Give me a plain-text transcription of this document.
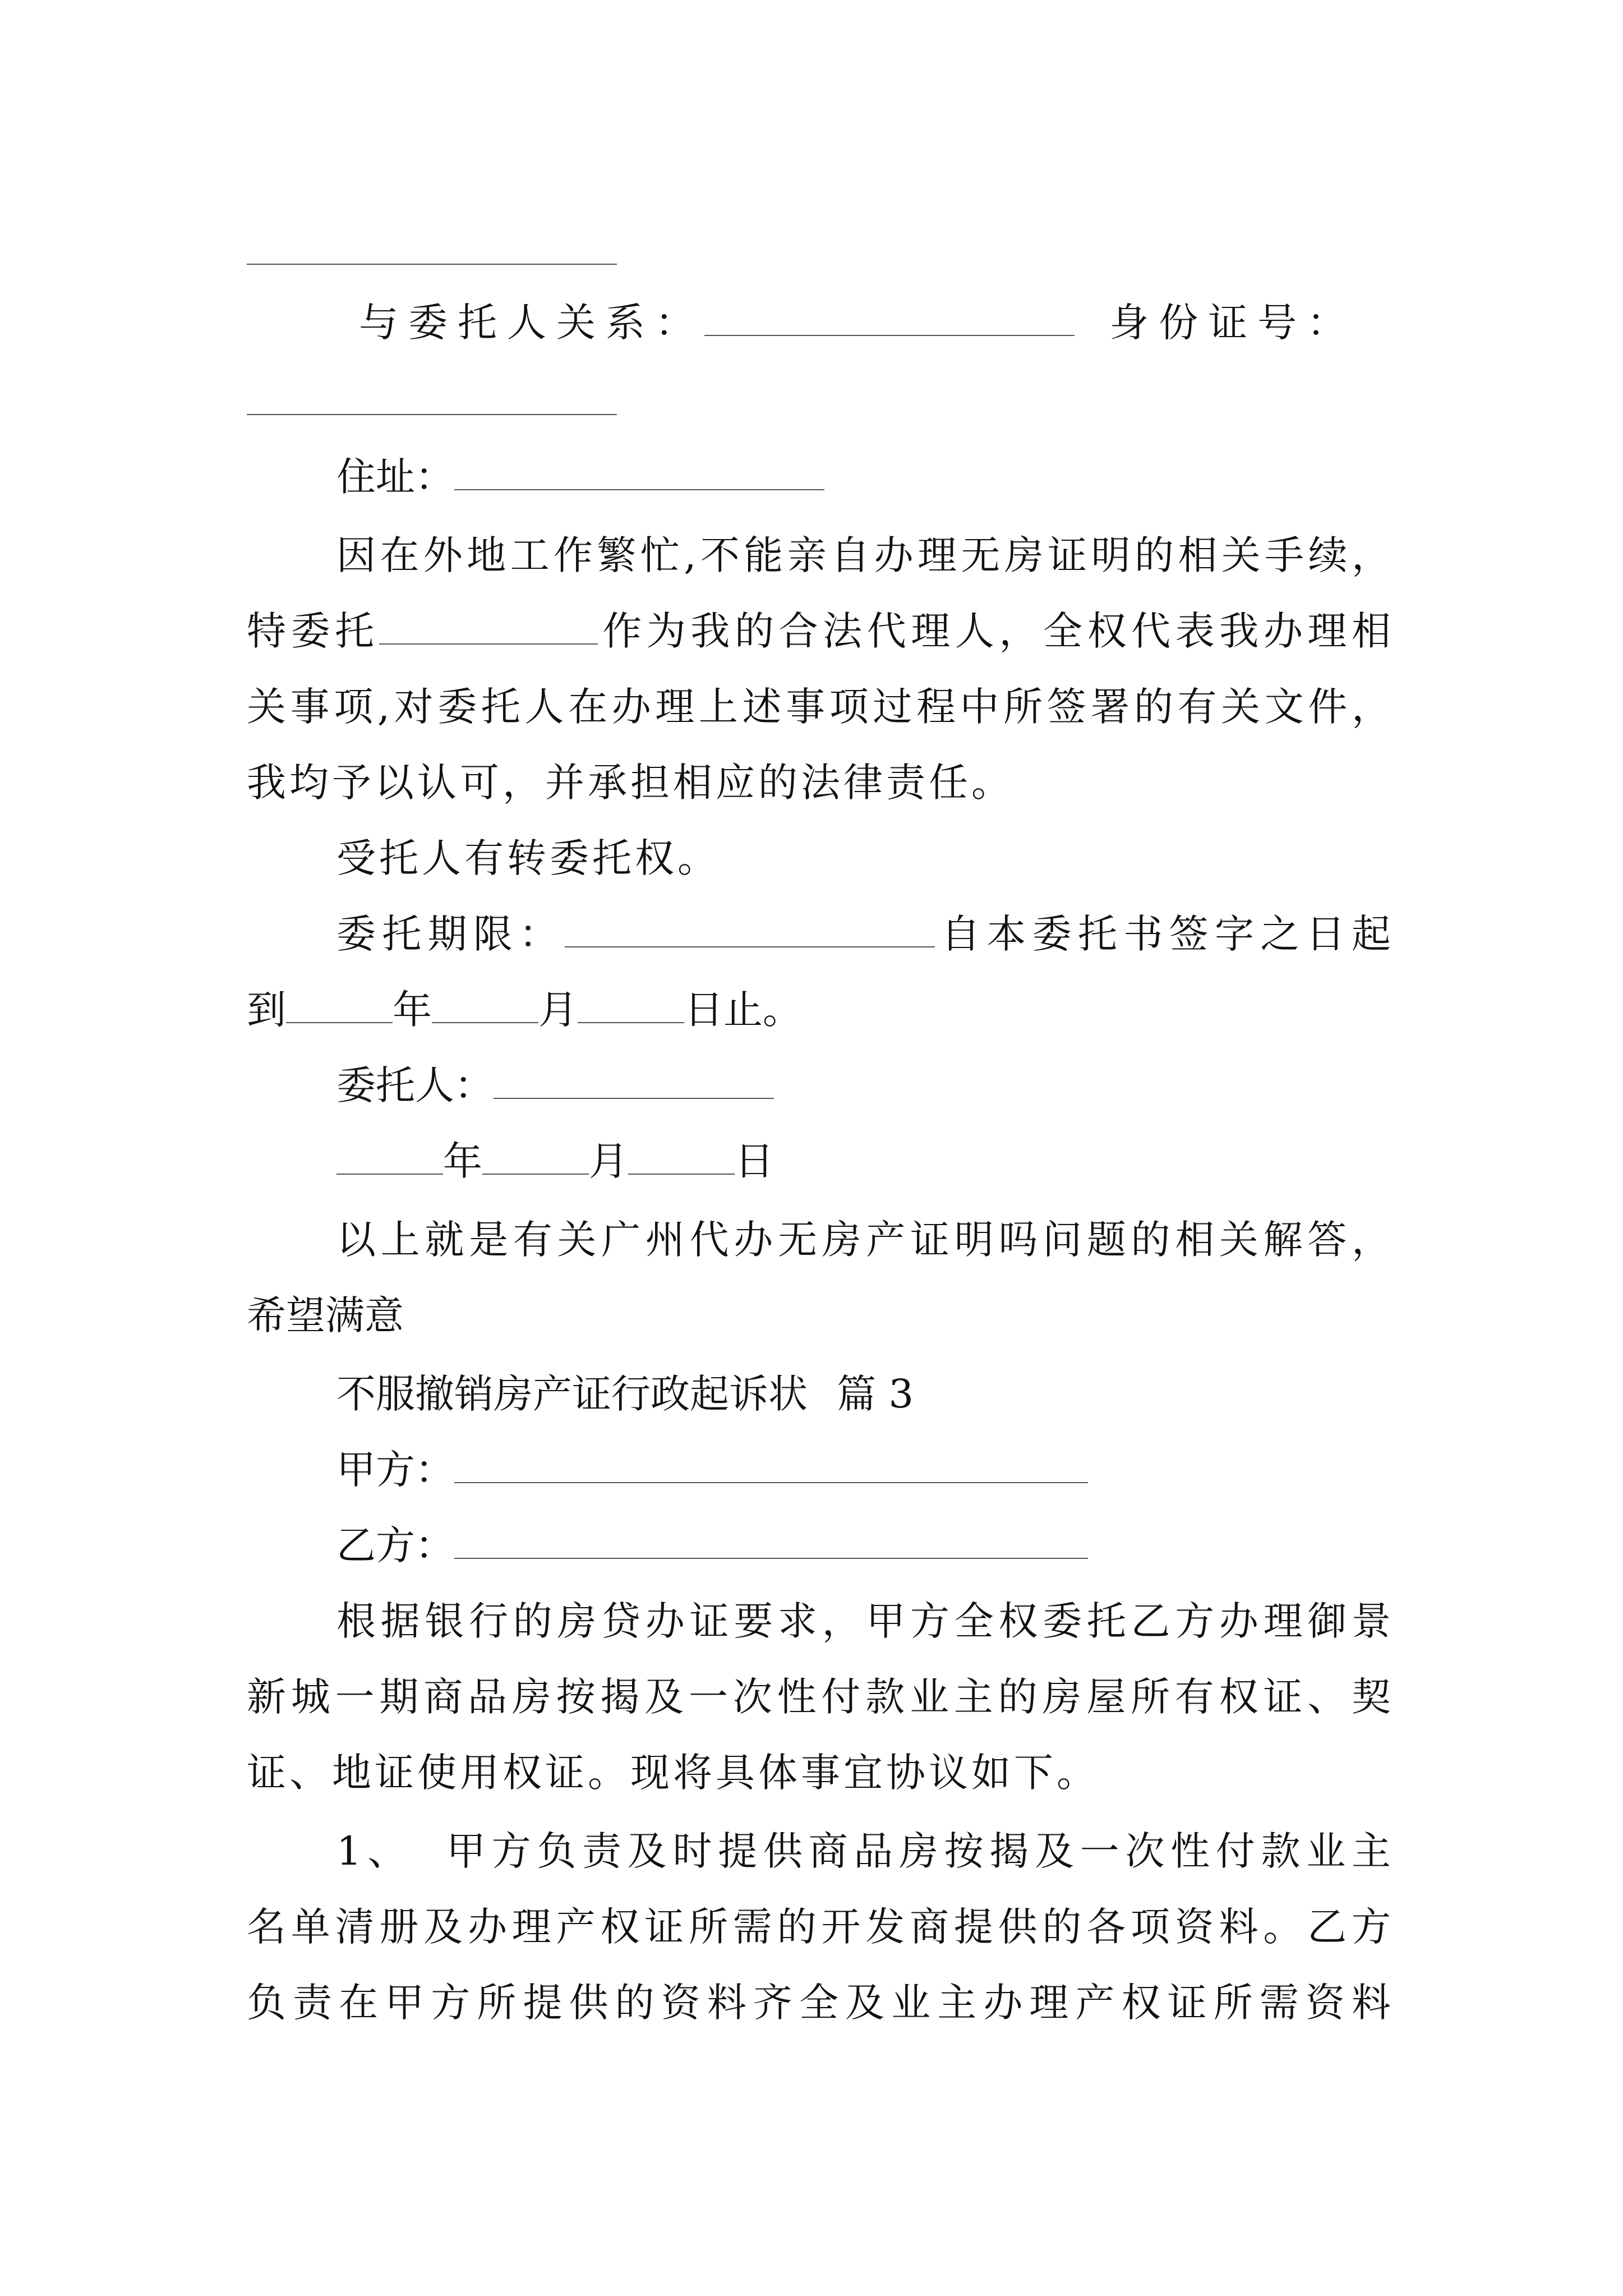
与委托人关系：	身份证号：
住址：
因在外地工作繁忙,不能亲自办理无房证明的相关手续，
特委托	作为我的合法代理人，全权代表我办理相
关事项,对委托人在办理上述事项过程中所签署的有关文件，
我均予以认可，并承担相应的法律责任。
受托人有转委托权。
委托期限：	自本委托书签字之日起
到	年	月	日止。
委托人：
年	月	日
以上就是有关广州代办无房产证明吗问题的相关解答，
希望满意
不服撤销房产证行政起诉状 篇 3
甲方：
乙方：
根据银行的房贷办证要求，甲方全权委托乙方办理御景
新城一期商品房按揭及一次性付款业主的房屋所有权证、契
证、地证使用权证。现将具体事宜协议如下。
1、 甲方负责及时提供商品房按揭及一次性付款业主
名单清册及办理产权证所需的开发商提供的各项资料。乙方
负责在甲方所提供的资料齐全及业主办理产权证所需资料
